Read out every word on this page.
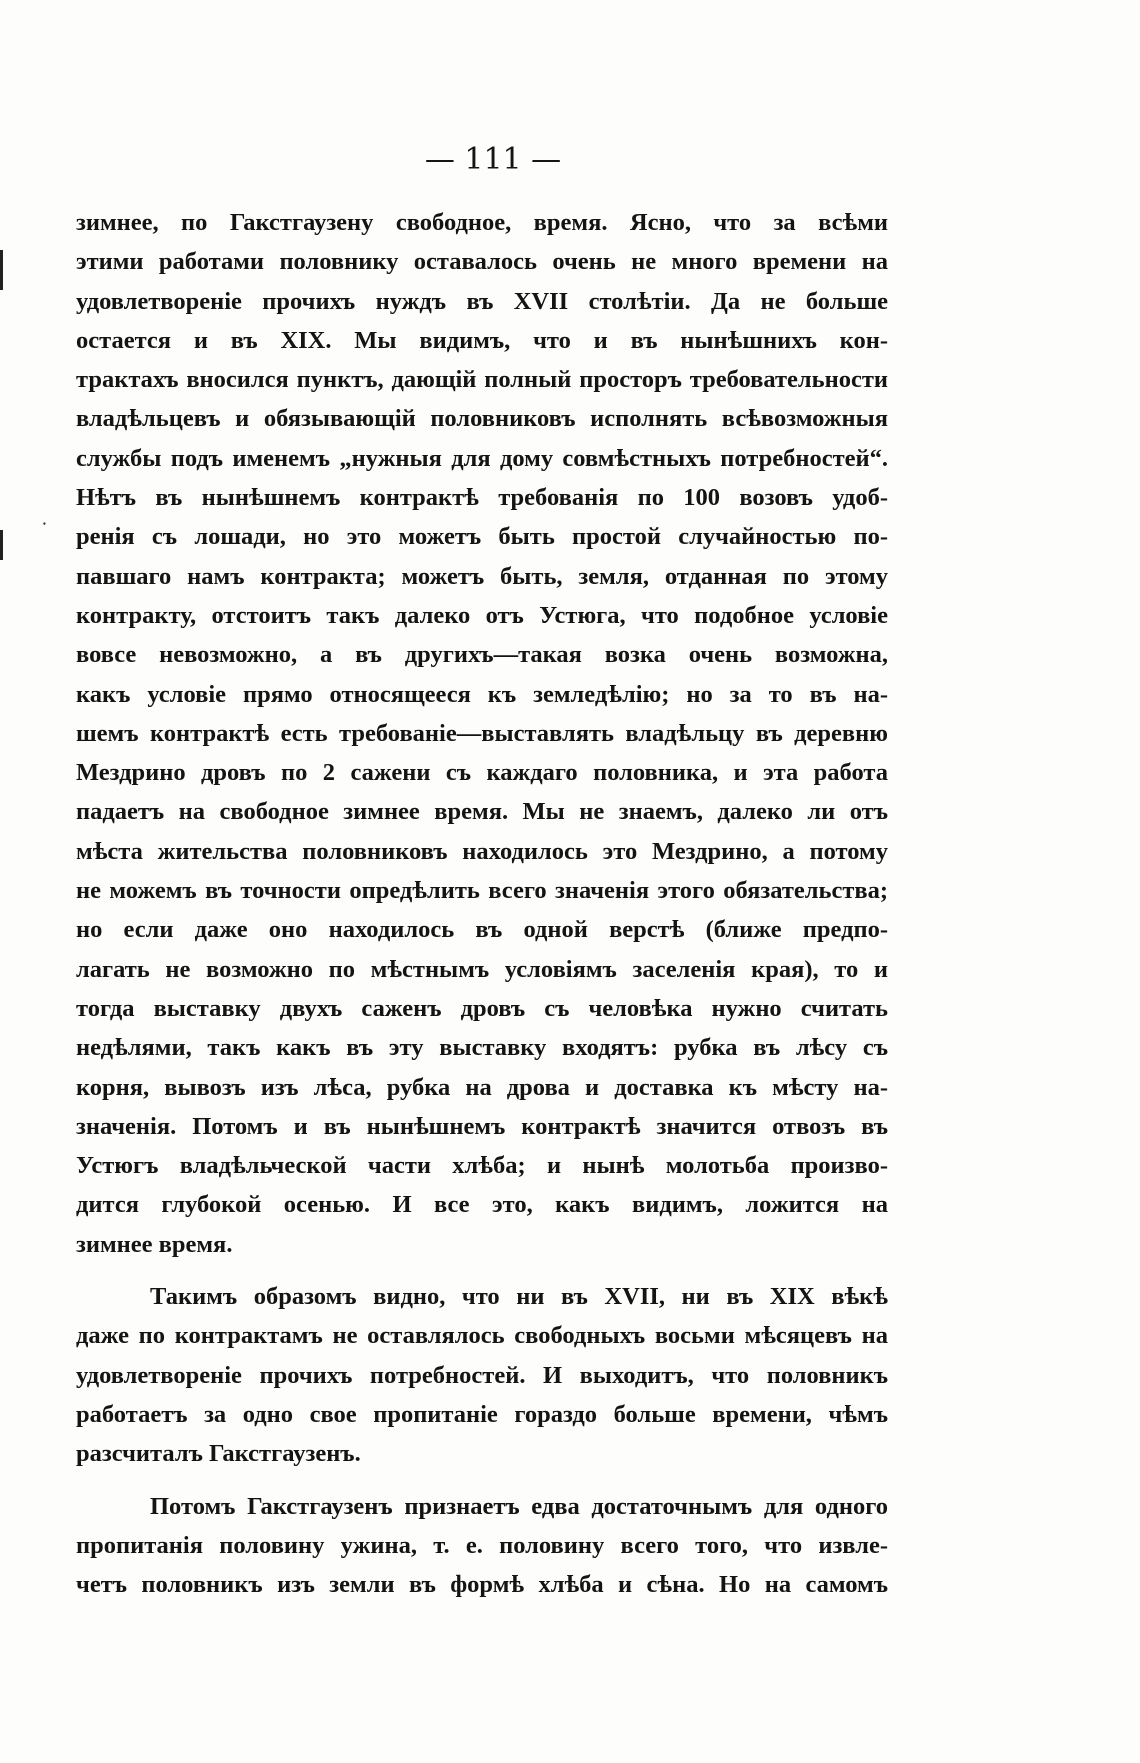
— 111 —
⸱
зимнее, по Гакстгаузену свободное, время. Ясно, что за всѣми
этими работами половнику оставалось очень не много времени на
удовлетвореніе прочихъ нуждъ въ XVII столѣтіи. Да не больше
остается и въ XIX. Мы видимъ, что и въ нынѣшнихъ кон-
трактахъ вносился пунктъ, дающій полный просторъ требовательности
владѣльцевъ и обязывающій половниковъ исполнять всѣвозможныя
службы подъ именемъ „нужныя для дому совмѣстныхъ потребностей“.
Нѣтъ въ нынѣшнемъ контрактѣ требованія по 100 возовъ удоб-
ренія съ лошади, но это можетъ быть простой случайностью по-
павшаго намъ контракта; можетъ быть, земля, отданная по этому
контракту, отстоитъ такъ далеко отъ Устюга, что подобное условіе
вовсе невозможно, а въ другихъ—такая возка очень возможна,
какъ условіе прямо относящееся къ земледѣлію; но за то въ на-
шемъ контрактѣ есть требованіе—выставлять владѣльцу въ деревню
Мездрино дровъ по 2 сажени съ каждаго половника, и эта работа
падаетъ на свободное зимнее время. Мы не знаемъ, далеко ли отъ
мѣста жительства половниковъ находилось это Мездрино, а потому
не можемъ въ точности опредѣлить всего значенія этого обязательства;
но если даже оно находилось въ одной верстѣ (ближе предпо-
лагать не возможно по мѣстнымъ условіямъ заселенія края), то и
тогда выставку двухъ саженъ дровъ съ человѣка нужно считать
недѣлями, такъ какъ въ эту выставку входятъ: рубка въ лѣсу съ
корня, вывозъ изъ лѣса, рубка на дрова и доставка къ мѣсту на-
значенія. Потомъ и въ нынѣшнемъ контрактѣ значится отвозъ въ
Устюгъ владѣльческой части хлѣба; и нынѣ молотьба произво-
дится глубокой осенью. И все это, какъ видимъ, ложится на
зимнее время.
Такимъ образомъ видно, что ни въ XVII, ни въ XIX вѣкѣ
даже по контрактамъ не оставлялось свободныхъ восьми мѣсяцевъ на
удовлетвореніе прочихъ потребностей. И выходитъ, что половникъ
работаетъ за одно свое пропитаніе гораздо больше времени, чѣмъ
разсчиталъ Гакстгаузенъ.
Потомъ Гакстгаузенъ признаетъ едва достаточнымъ для одного
пропитанія половину ужина, т. е. половину всего того, что извле-
четъ половникъ изъ земли въ формѣ хлѣба и сѣна. Но на самомъ
